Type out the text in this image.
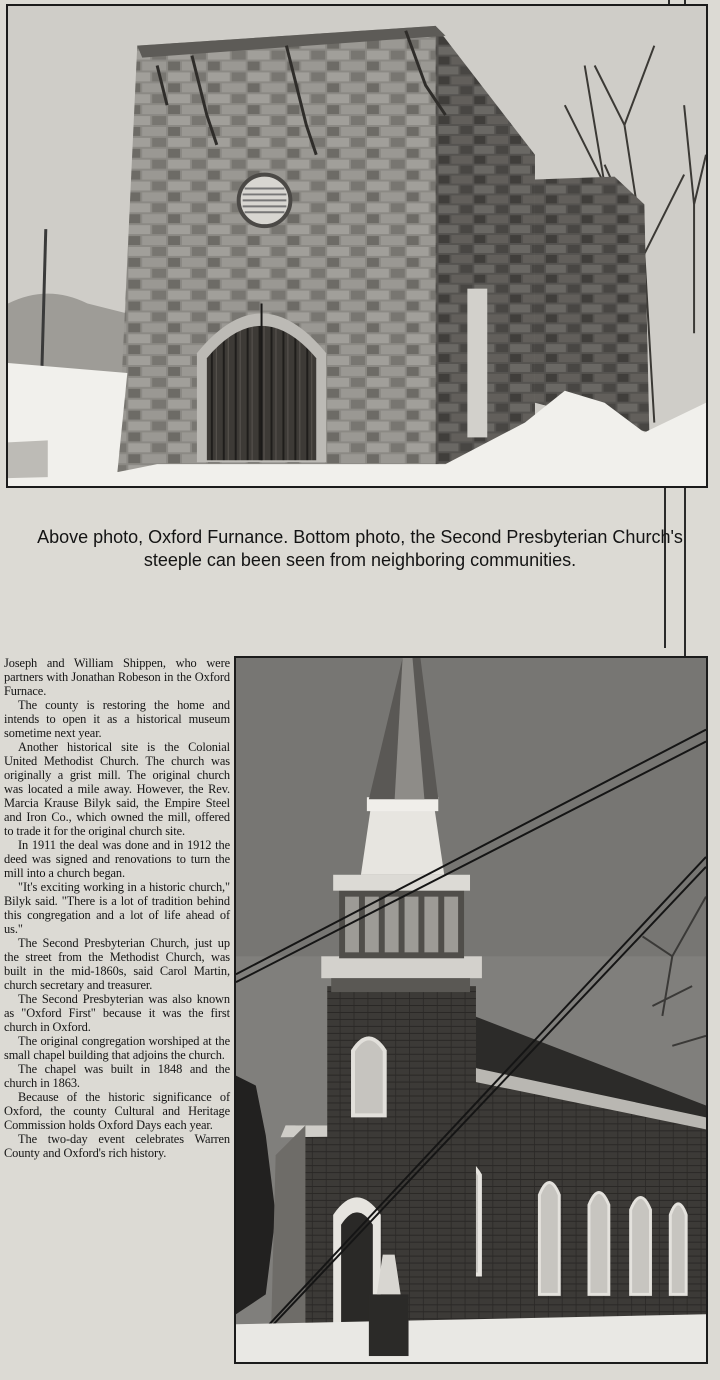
Above photo, Oxford Furnance. Bottom photo, the Second Presbyterian Church's steeple can been seen from neighboring communities.

Joseph and William Shippen, who were partners with Jonathan Robeson in the Oxford Furnace.

The county is restoring the home and intends to open it as a historical museum sometime next year.

Another historical site is the Colonial United Methodist Church. The church was originally a grist mill. The original church was located a mile away. However, the Rev. Marcia Krause Bilyk said, the Empire Steel and Iron Co., which owned the mill, offered to trade it for the original church site.

In 1911 the deal was done and in 1912 the deed was signed and renovations to turn the mill into a church began.

"It's exciting working in a historic church," Bilyk said. "There is a lot of tradition behind this congregation and a lot of life ahead of us."

The Second Presbyterian Church, just up the street from the Methodist Church, was built in the mid-1860s, said Carol Martin, church secretary and treasurer.

The Second Presbyterian was also known as "Oxford First" because it was the first church in Oxford.

The original congregation worshiped at the small chapel building that adjoins the church.

The chapel was built in 1848 and the church in 1863.

Because of the historic significance of Oxford, the county Cultural and Heritage Commission holds Oxford Days each year.

The two-day event celebrates Warren County and Oxford's rich history.
